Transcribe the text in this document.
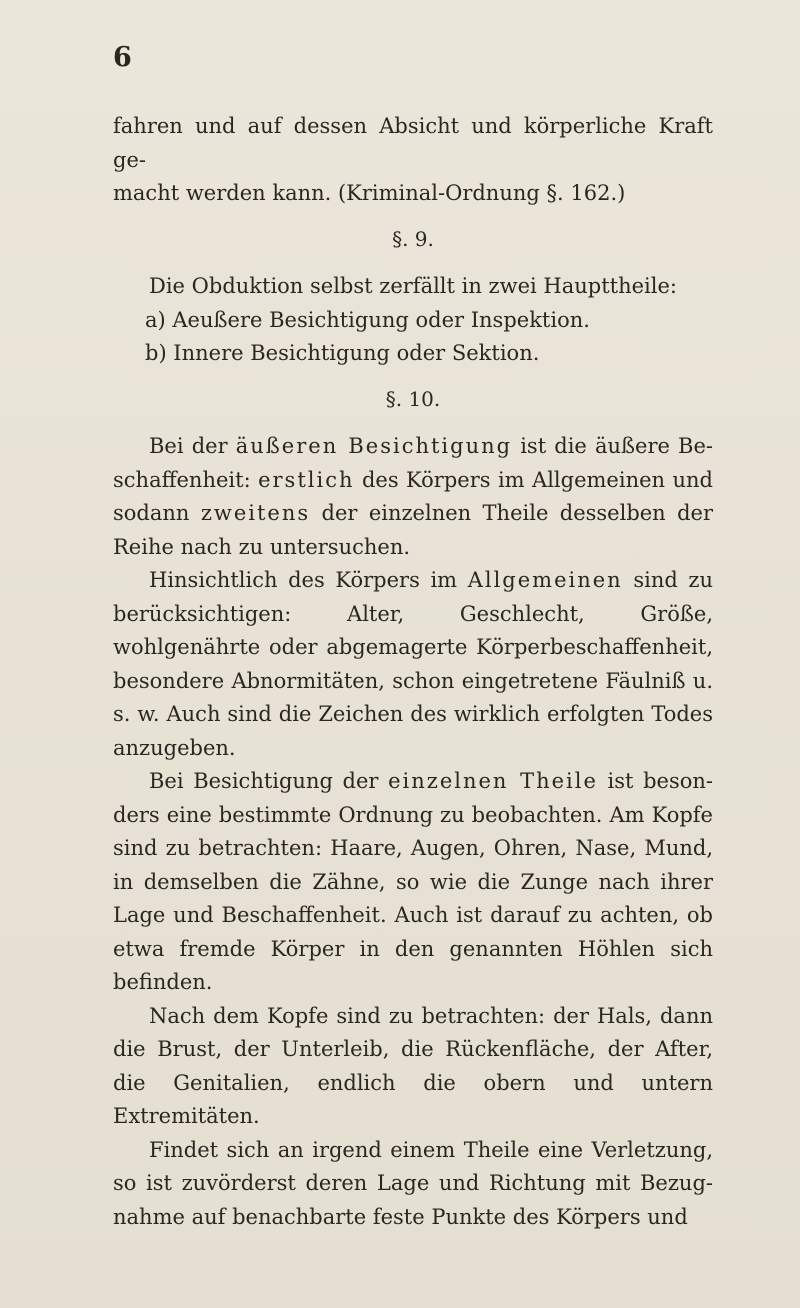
6

fahren und auf dessen Absicht und körperliche Kraft ge-
macht werden kann. (Kriminal-Ordnung §. 162.)

§. 9.

Die Obduktion selbst zerfällt in zwei Haupttheile:

a) Aeußere Besichtigung oder Inspektion.

b) Innere Besichtigung oder Sektion.

§. 10.

Bei der äußeren Besichtigung ist die äußere Be-schaffenheit: erstlich des Körpers im Allgemeinen und sodann zweitens der einzelnen Theile desselben der Reihe nach zu untersuchen.

Hinsichtlich des Körpers im Allgemeinen sind zu berücksichtigen: Alter, Geschlecht, Größe, wohlgenährte oder abgemagerte Körperbeschaffenheit, besondere Abnormitäten, schon eingetretene Fäulniß u. s. w. Auch sind die Zeichen des wirklich erfolgten Todes anzugeben.

Bei Besichtigung der einzelnen Theile ist beson-ders eine bestimmte Ordnung zu beobachten. Am Kopfe sind zu betrachten: Haare, Augen, Ohren, Nase, Mund, in demselben die Zähne, so wie die Zunge nach ihrer Lage und Beschaffenheit. Auch ist darauf zu achten, ob etwa fremde Körper in den genannten Höhlen sich befinden.

Nach dem Kopfe sind zu betrachten: der Hals, dann die Brust, der Unterleib, die Rückenfläche, der After, die Genitalien, endlich die obern und untern Extremitäten.

Findet sich an irgend einem Theile eine Verletzung, so ist zuvörderst deren Lage und Richtung mit Bezug-nahme auf benachbarte feste Punkte des Körpers und
